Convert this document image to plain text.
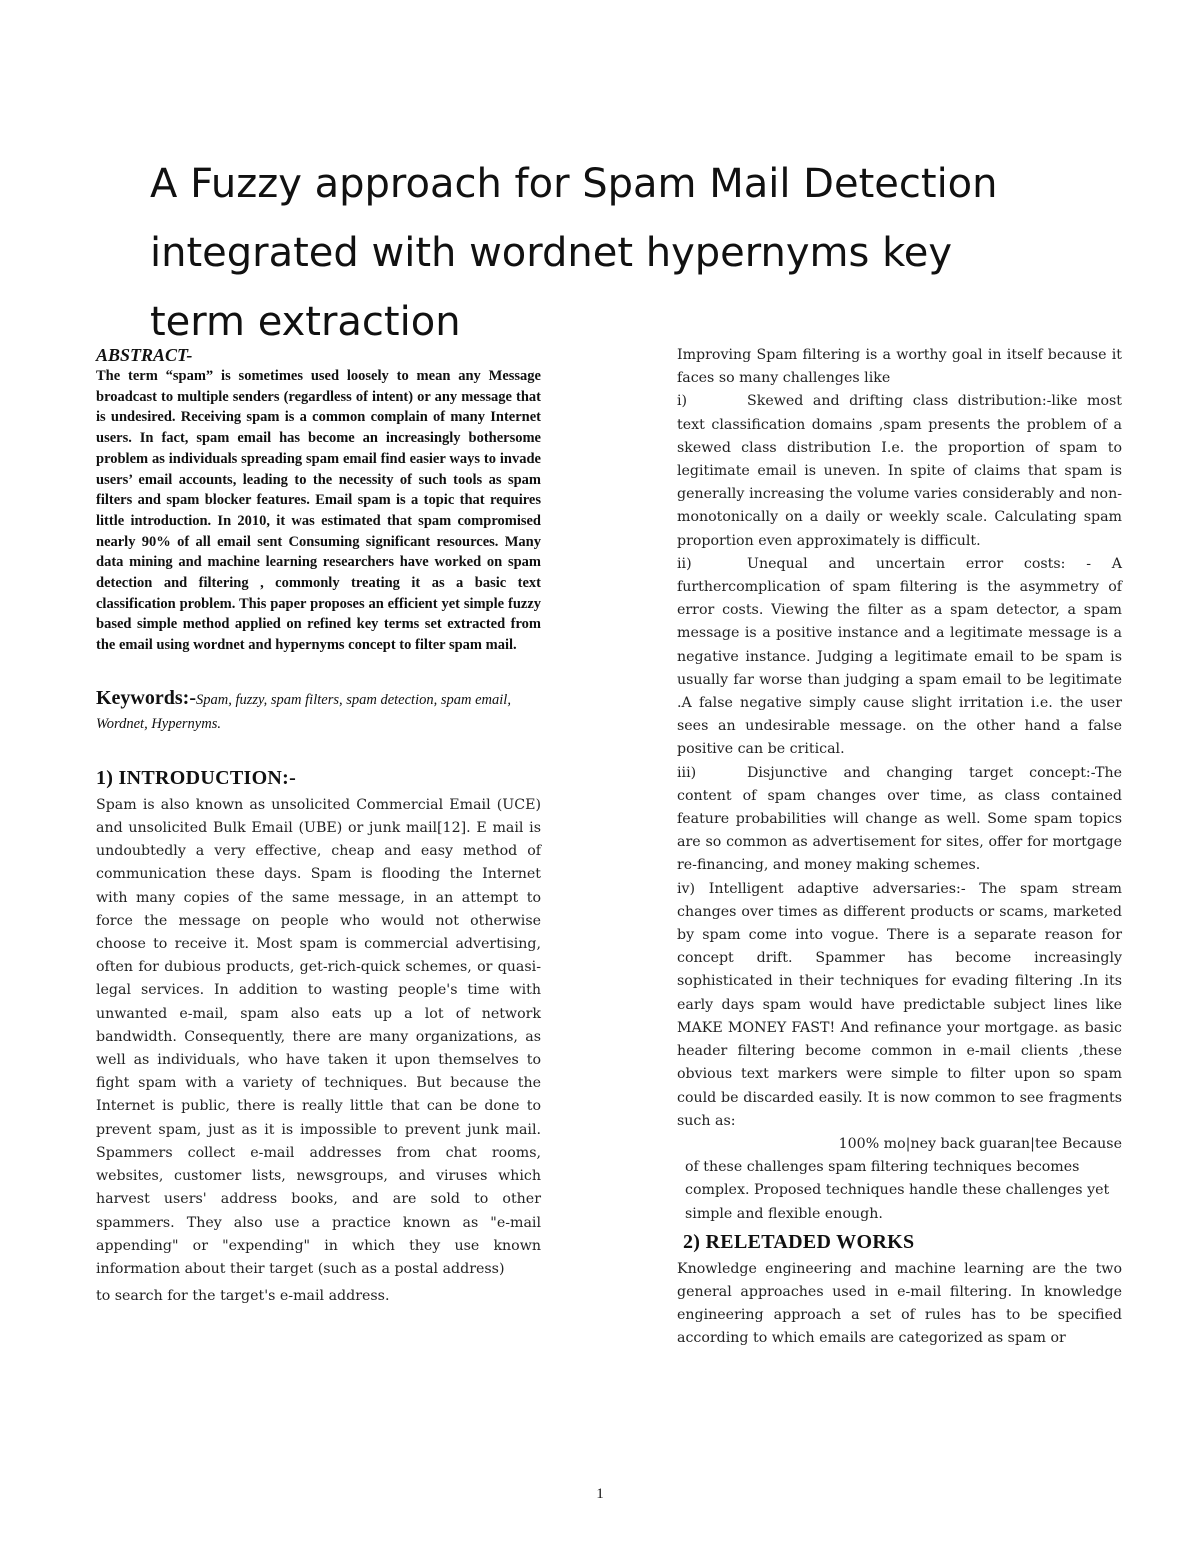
A Fuzzy approach for Spam Mail Detection
integrated with wordnet hypernyms key
term extraction

ABSTRACT-

The term “spam” is sometimes used loosely to mean any Message broadcast to multiple senders (regardless of intent) or any message that is undesired. Receiving spam is a common complain of many Internet users. In fact, spam email has become an increasingly bothersome problem as individuals spreading spam email find easier ways to invade users’ email accounts, leading to the necessity of such tools as spam filters and spam blocker features. Email spam is a topic that requires little introduction. In 2010, it was estimated that spam compromised nearly 90% of all email sent Consuming significant resources. Many data mining and machine learning researchers have worked on spam detection and filtering , commonly treating it as a basic text classification problem. This paper proposes an efficient yet simple fuzzy based simple method applied on refined key terms set extracted from the email using wordnet and hypernyms concept to filter spam mail.

Keywords:-Spam, fuzzy, spam filters, spam detection, spam email, Wordnet, Hypernyms.

1) INTRODUCTION:-

Spam is also known as unsolicited Commercial Email (UCE) and unsolicited Bulk Email (UBE) or junk mail[12]. E mail is undoubtedly a very effective, cheap and easy method of communication these days. Spam is flooding the Internet with many copies of the same message, in an attempt to force the message on people who would not otherwise choose to receive it. Most spam is commercial advertising, often for dubious products, get-rich-quick schemes, or quasi-legal services. In addition to wasting people's time with unwanted e-mail, spam also eats up a lot of network bandwidth. Consequently, there are many organizations, as well as individuals, who have taken it upon themselves to fight spam with a variety of techniques. But because the Internet is public, there is really little that can be done to prevent spam, just as it is impossible to prevent junk mail. Spammers collect e-mail addresses from chat rooms, websites, customer lists, newsgroups, and viruses which harvest users' address books, and are sold to other spammers. They also use a practice known as "e-mail appending" or "expending" in which they use known information about their target (such as a postal address)
to search for the target's e-mail address.

Improving Spam filtering is a worthy goal in itself because it faces so many challenges like

i)	Skewed and drifting class distribution:-like most text classification domains ,spam presents the problem of a skewed class distribution I.e. the proportion of spam to legitimate email is uneven. In spite of claims that spam is generally increasing the volume varies considerably and non-monotonically on a daily or weekly scale. Calculating spam proportion even approximately is difficult.

ii)	Unequal and uncertain error costs: - A furthercomplication of spam filtering is the asymmetry of error costs. Viewing the filter as a spam detector, a spam message is a positive instance and a legitimate message is a negative instance. Judging a legitimate email to be spam is usually far worse than judging a spam email to be legitimate .A false negative simply cause slight irritation i.e. the user sees an undesirable message. on the other hand a false positive can be critical.

iii)	Disjunctive and changing target concept:-The content of spam changes over time, as class contained feature probabilities will change as well. Some spam topics are so common as advertisement for sites, offer for mortgage re-financing, and money making schemes.

iv) Intelligent adaptive adversaries:- The spam stream changes over times as different products or scams, marketed by spam come into vogue. There is a separate reason for concept drift. Spammer has become increasingly sophisticated in their techniques for evading filtering .In its early days spam would have predictable subject lines like MAKE MONEY FAST! And refinance your mortgage. as basic header filtering become common in e-mail clients ,these obvious text markers were simple to filter upon so spam could be discarded easily. It is now common to see fragments such as:

100% mo|ney back guaran|tee Because

of these challenges spam filtering techniques becomes complex. Proposed techniques handle these challenges yet simple and flexible enough.

2) RELETADED WORKS

Knowledge engineering and machine learning are the two general approaches used in e-mail filtering. In knowledge engineering approach a set of rules has to be specified according to which emails are categorized as spam or

1
